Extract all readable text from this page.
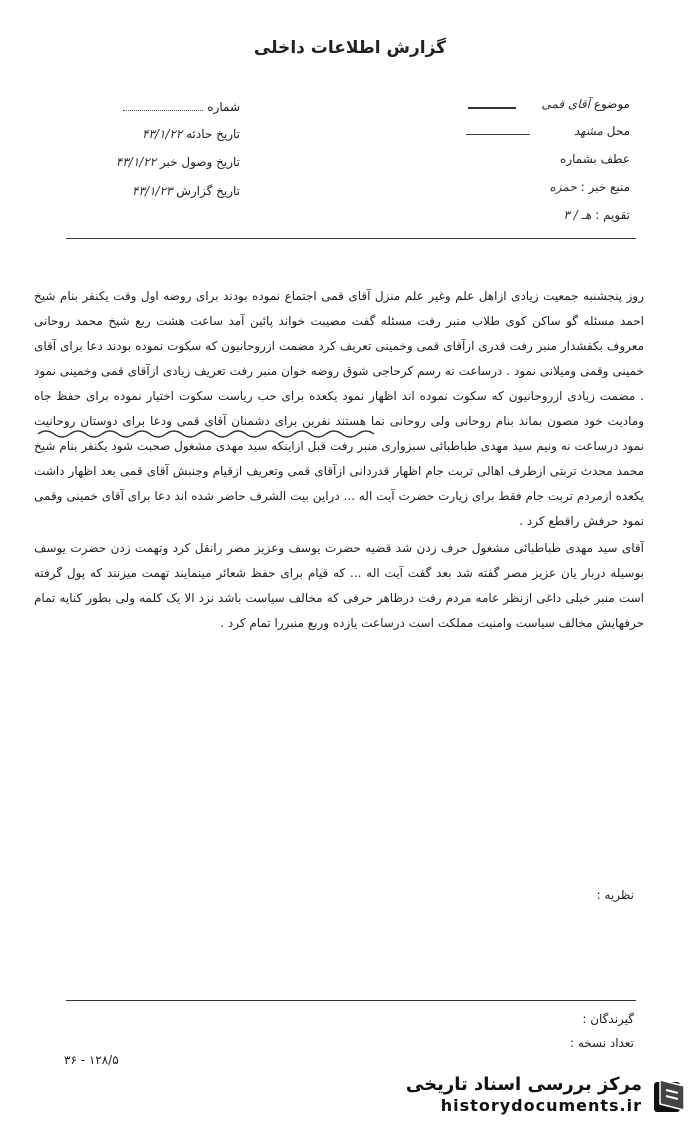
گزارش اطلاعات داخلی
شماره
تاریخ حادثه ۴۳/۱/۲۲
تاریخ وصول خبر ۴۳/۱/۲۲
تاریخ گزارش ۴۳/۱/۲۳
موضوع آقای قمی
محل مشهد
عطف بشماره
منبع خبر : حمزه
تقویم : هـ / ۳

روز پنجشنبه جمعیت زیادی ازاهل علم وغیر علم منزل آقای قمی اجتماع نموده بودند برای روضه اول وقت یکنفر بنام شیخ احمد مسئله گو ساکن کوی طلاب منبر رفت مسئله گفت مصیبت خواند پائین آمد ساعت هشت ربع شیخ محمد روحانی معروف بکفشدار منبر رفت قدری ازآقای قمی وخمینی تعریف کرد مضمت ازروحانیون که سکوت نموده بودند دعا برای آقای خمینی وقمی ومیلانی نمود . درساعت نه رسم کرحاجی شوق روضه خوان منبر رفت تعریف زیادی ازآقای قمی وخمینی نمود . مضمت زیادی ازروحانیون که سکوت نموده اند اظهار نمود یکعده برای حب ریاست سکوت اختیار نموده برای حفظ جاه ومادیت خود مصون بماند بنام روحانی ولی روحانی نما هستند نفرین برای دشمنان آقای قمی ودعا برای دوستان روحانیت نمود درساعت نه ونیم سید مهدی طباطبائی سبزواری منبر رفت قبل ازاینکه سید مهدی مشغول صحبت شود یکنفر بنام شیخ محمد محدث تربتی ازطرف اهالی تربت جام اظهار قدردانی ازآقای قمی وتعریف ازقیام وجنبش آقای قمی بعد اظهار داشت یکعده ازمردم تربت جام فقط برای زیارت حضرت آیت اله ... دراین بیت الشرف حاضر شده اند دعا برای آقای خمینی وقمی نمود حرفش راقطع کرد .

آقای سید مهدی طباطبائی مشغول حرف زدن شد قضیه حضرت یوسف وعزیز مصر رانقل کرد وتهمت زدن حضرت یوسف بوسیله دربار یان عزیز مصر گفته شد بعد گفت آیت اله ... که قیام برای حفظ شعائر مینمایند تهمت میزنند که پول گرفته است منبر خیلی داغی ازنظر عامه مردم رفت درظاهر حرفی که مخالف سیاست باشد نزد الا یک کلمه ولی بطور کنایه تمام حرفهایش مخالف سیاست وامنیت مملکت است درساعت یازده وربع منبررا تمام کرد .

نظریه :
گیرندگان :
تعداد نسخه :
۳۶ - ۱۲۸/۵
مرکز بررسی اسناد تاریخی
historydocuments.ir
